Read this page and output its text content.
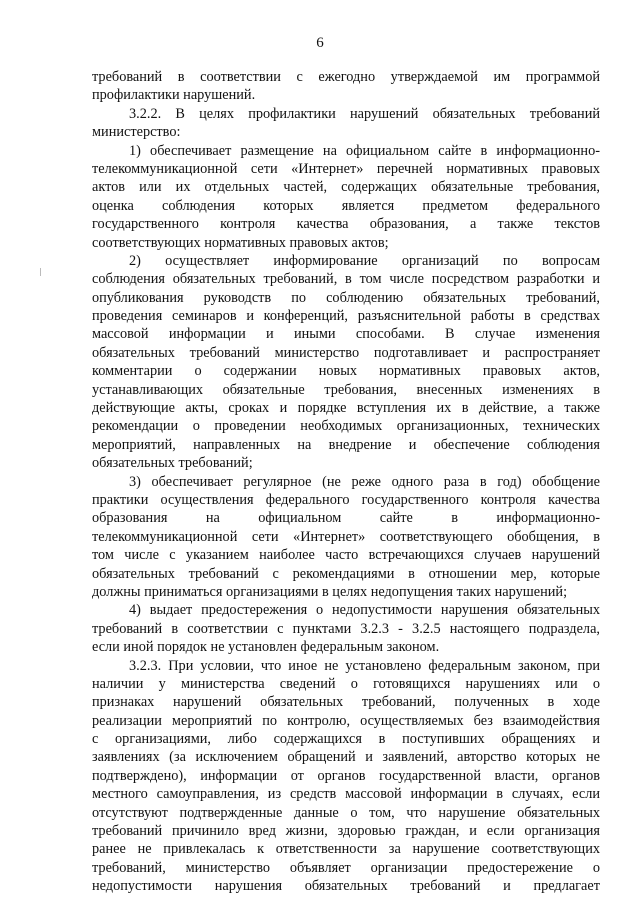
6
требований в соответствии с ежегодно утверждаемой им программой
профилактики нарушений.
3.2.2. В целях профилактики нарушений обязательных требований
министерство:
1) обеспечивает размещение на официальном сайте в информационно-
телекоммуникационной сети «Интернет» перечней нормативных правовых
актов или их отдельных частей, содержащих обязательные требования,
оценка соблюдения которых является предметом федерального
государственного контроля качества образования, а также текстов
соответствующих нормативных правовых актов;
2) осуществляет информирование организаций по вопросам
соблюдения обязательных требований, в том числе посредством разработки и
опубликования руководств по соблюдению обязательных требований,
проведения семинаров и конференций, разъяснительной работы в средствах
массовой информации и иными способами. В случае изменения
обязательных требований министерство подготавливает и распространяет
комментарии о содержании новых нормативных правовых актов,
устанавливающих обязательные требования, внесенных изменениях в
действующие акты, сроках и порядке вступления их в действие, а также
рекомендации о проведении необходимых организационных, технических
мероприятий, направленных на внедрение и обеспечение соблюдения
обязательных требований;
3) обеспечивает регулярное (не реже одного раза в год) обобщение
практики осуществления федерального государственного контроля качества
образования на официальном сайте в информационно-
телекоммуникационной сети «Интернет» соответствующего обобщения, в
том числе с указанием наиболее часто встречающихся случаев нарушений
обязательных требований с рекомендациями в отношении мер, которые
должны приниматься организациями в целях недопущения таких нарушений;
4) выдает предостережения о недопустимости нарушения обязательных
требований в соответствии с пунктами 3.2.3 - 3.2.5 настоящего подраздела,
если иной порядок не установлен федеральным законом.
3.2.3. При условии, что иное не установлено федеральным законом, при
наличии у министерства сведений о готовящихся нарушениях или о
признаках нарушений обязательных требований, полученных в ходе
реализации мероприятий по контролю, осуществляемых без взаимодействия
с организациями, либо содержащихся в поступивших обращениях и
заявлениях (за исключением обращений и заявлений, авторство которых не
подтверждено), информации от органов государственной власти, органов
местного самоуправления, из средств массовой информации в случаях, если
отсутствуют подтвержденные данные о том, что нарушение обязательных
требований причинило вред жизни, здоровью граждан, и если организация
ранее не привлекалась к ответственности за нарушение соответствующих
требований, министерство объявляет организации предостережение о
недопустимости нарушения обязательных требований и предлагает
